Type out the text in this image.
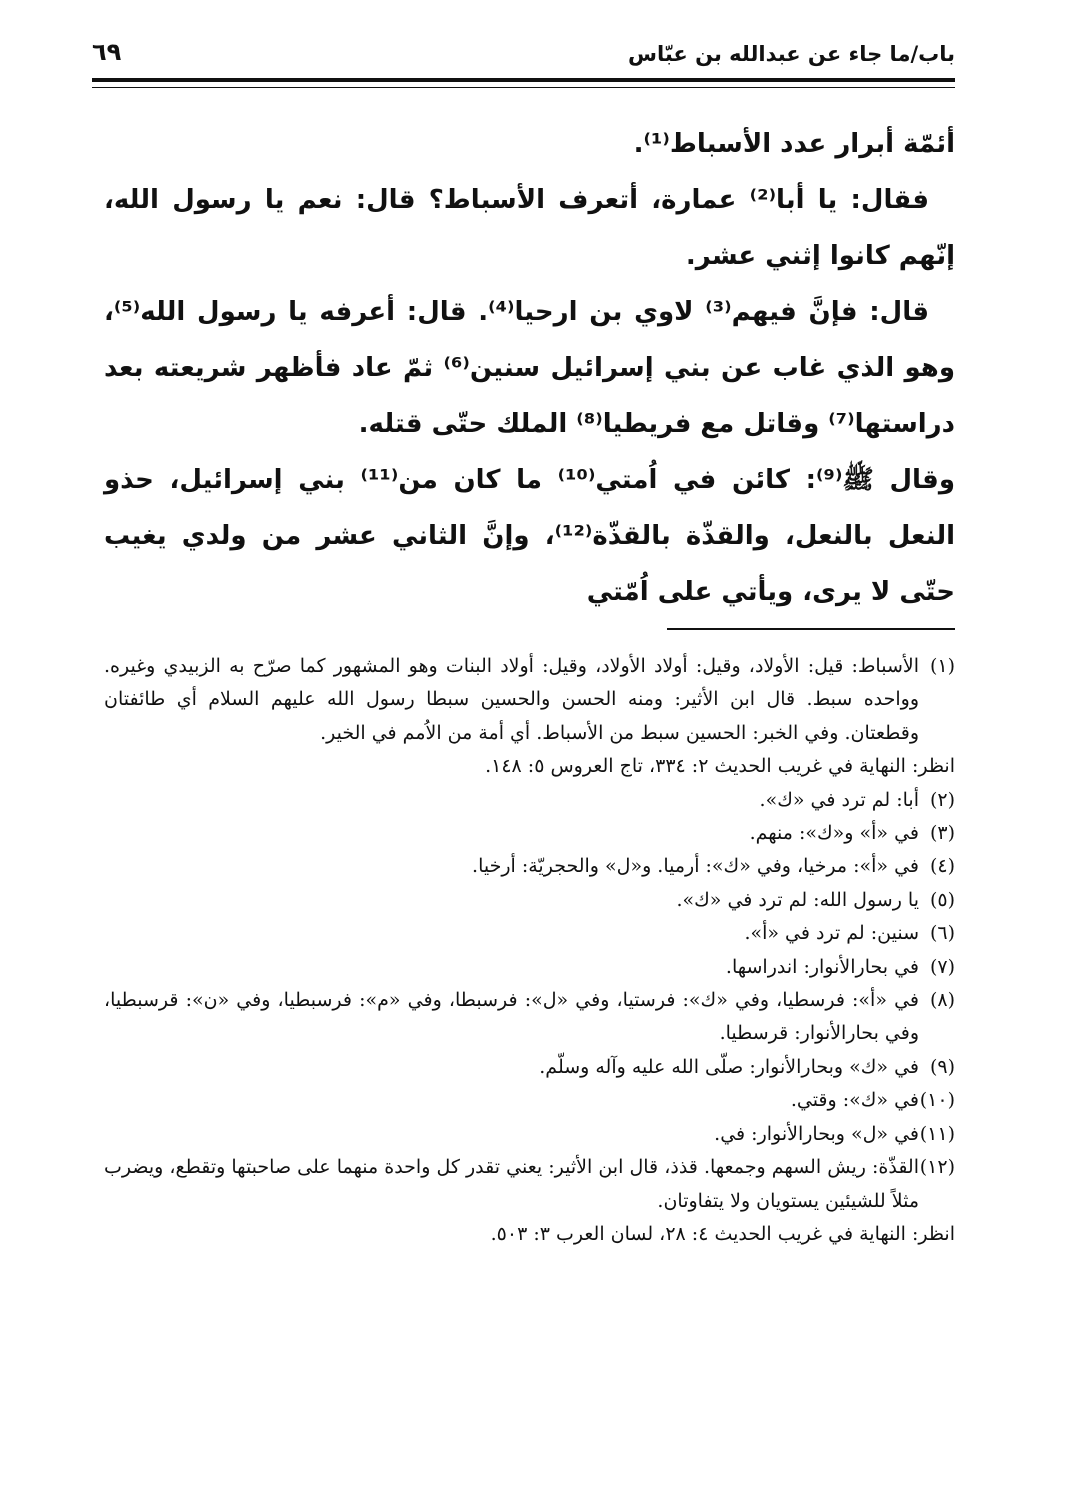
باب/ما جاء عن عبدالله بن عبّاس
٦٩

أئمّة أبرار عدد الأسباط⁽¹⁾.

فقال: يا أبا⁽²⁾ عمارة، أتعرف الأسباط؟ قال: نعم يا رسول الله، إنّهم كانوا إثني عشر.

قال: فإنَّ فيهم⁽³⁾ لاوي بن ارحيا⁽⁴⁾. قال: أعرفه يا رسول الله⁽⁵⁾، وهو الذي غاب عن بني إسرائيل سنين⁽⁶⁾ ثمّ عاد فأظهر شريعته بعد دراستها⁽⁷⁾ وقاتل مع فريطيا⁽⁸⁾ الملك حتّى قتله.

وقال ﷺ⁽⁹⁾: كائن في اُمتي⁽¹⁰⁾ ما كان من⁽¹¹⁾ بني إسرائيل، حذو النعل بالنعل، والقذّة بالقذّة⁽¹²⁾، وإنَّ الثاني عشر من ولدي يغيب حتّى لا يرى، ويأتي على اُمّتي

(١)الأسباط: قيل: الأولاد، وقيل: أولاد الأولاد، وقيل: أولاد البنات وهو المشهور كما صرّح به الزبيدي وغيره. وواحده سبط. قال ابن الأثير: ومنه الحسن والحسين سبطا رسول الله عليهم السلام أي طائفتان وقطعتان. وفي الخبر: الحسين سبط من الأسباط. أي أمة من الاُمم في الخير.

انظر: النهاية في غريب الحديث ٢: ٣٣٤، تاج العروس ٥: ١٤٨.

(٢)أبا: لم ترد في «ك».

(٣)في «أ» و«ك»: منهم.

(٤)في «أ»: مرخيا، وفي «ك»: أرميا. و«ل» والحجريّة: أرخيا.

(٥)يا رسول الله: لم ترد في «ك».

(٦)سنين: لم ترد في «أ».

(٧)في بحارالأنوار: اندراسها.

(٨)في «أ»: فرسطيا، وفي «ك»: فرستيا، وفي «ل»: فرسبطا، وفي «م»: فرسبطيا، وفي «ن»: قرسبطيا، وفي بحارالأنوار: قرسطيا.

(٩)في «ك» وبحارالأنوار: صلّى الله عليه وآله وسلّم.

(١٠)في «ك»: وقتي.

(١١)في «ل» وبحارالأنوار: في.

(١٢)القذّة: ريش السهم وجمعها. قذذ، قال ابن الأثير: يعني تقدر كل واحدة منهما على صاحبتها وتقطع، ويضرب مثلاً للشيئين يستويان ولا يتفاوتان.

انظر: النهاية في غريب الحديث ٤: ٢٨، لسان العرب ٣: ٥٠٣.
